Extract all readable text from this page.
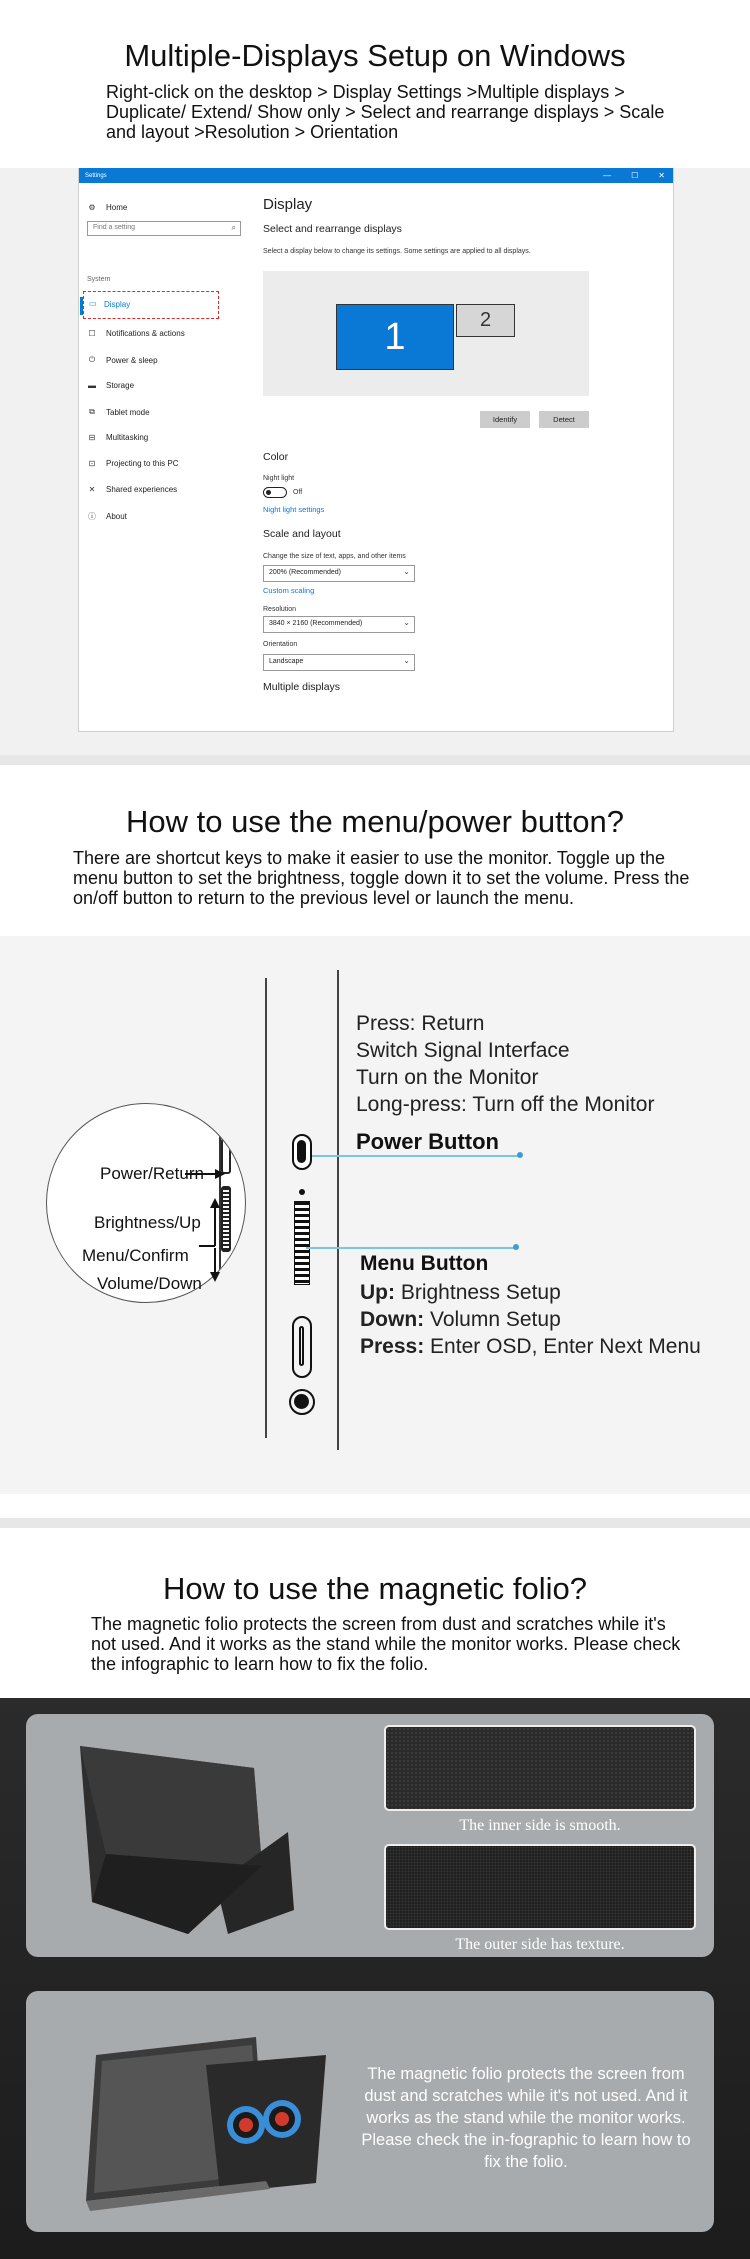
Multiple-Displays Setup on Windows
Right-click on the desktop > Display Settings >Multiple displays > Duplicate/ Extend/ Show only > Select and rearrange displays > Scale and layout >Resolution > Orientation
Settings	—	☐	✕
⚙ Home
Find a setting	⌕
System
▭ Display
☐ Notifications & actions
⏻ Power & sleep
▬ Storage
⧉ Tablet mode
⊟ Multitasking
⊡ Projecting to this PC
✕ Shared experiences
ⓘ About
Display
Select and rearrange displays
Select a display below to change its settings. Some settings are applied to all displays.
1	2
Identify	Detect
Color
Night light
Off
Night light settings
Scale and layout
Change the size of text, apps, and other items
200% (Recommended)	⌄
Custom scaling
Resolution
3840 × 2160 (Recommended)	⌄
Orientation
Landscape	⌄
Multiple displays
How to use the menu/power button?
There are shortcut keys to make it easier to use the monitor. Toggle up the menu button to set the brightness, toggle down it to set the volume. Press the on/off button to return to the previous level or launch the menu.
Power/Return
Brightness/Up
Menu/Confirm
Volume/Down
Press: Return
Switch Signal Interface
Turn on the Monitor
Long-press: Turn off the Monitor
Power Button
Menu Button
Up: Brightness Setup
Down: Volumn Setup
Press: Enter OSD, Enter Next Menu
How to use the magnetic folio?
The magnetic folio protects the screen from dust and scratches while it's not used. And it works as the stand while the monitor works. Please check the infographic to learn how to fix the folio.
The inner side is smooth.
The outer side has texture.
The magnetic folio protects the screen from dust and scratches while it's not used. And it works as the stand while the monitor works. Please check the in-fographic to learn how to fix the folio.
